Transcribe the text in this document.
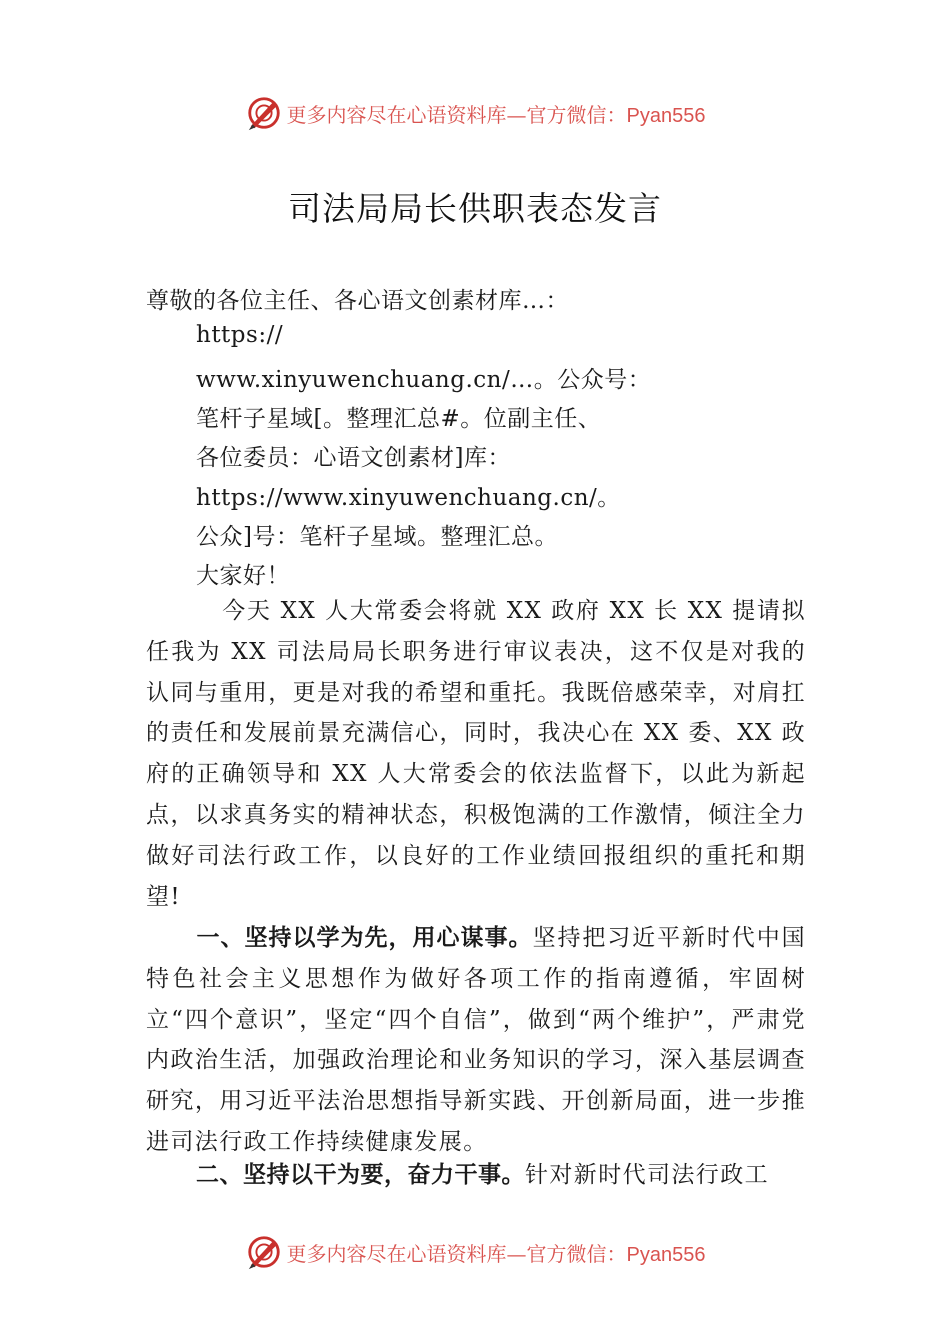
更多内容尽在心语资料库—官方微信：Pyan556
司法局局长供职表态发言
尊敬的各位主任、各心语文创素材库…：
https://
www.xinyuwenchuang.cn/…。公众号：
笔杆子星域[。整理汇总#。位副主任、
各位委员：心语文创素材]库：
https://www.xinyuwenchuang.cn/。
公众]号：笔杆子星域。整理汇总。
大家好！
今天 XX 人大常委会将就 XX 政府 XX 长 XX 提请拟任我为 XX 司法局局长职务进行审议表决，这不仅是对我的认同与重用，更是对我的希望和重托。我既倍感荣幸，对肩扛的责任和发展前景充满信心，同时，我决心在 XX 委、XX 政府的正确领导和 XX 人大常委会的依法监督下，以此为新起点，以求真务实的精神状态，积极饱满的工作激情，倾注全力做好司法行政工作，以良好的工作业绩回报组织的重托和期望!
一、坚持以学为先，用心谋事。坚持把习近平新时代中国特色社会主义思想作为做好各项工作的指南遵循，牢固树立“四个意识”，坚定“四个自信”，做到“两个维护”，严肃党内政治生活，加强政治理论和业务知识的学习，深入基层调查研究，用习近平法治思想指导新实践、开创新局面，进一步推进司法行政工作持续健康发展。
二、坚持以干为要，奋力干事。针对新时代司法行政工
更多内容尽在心语资料库—官方微信：Pyan556
